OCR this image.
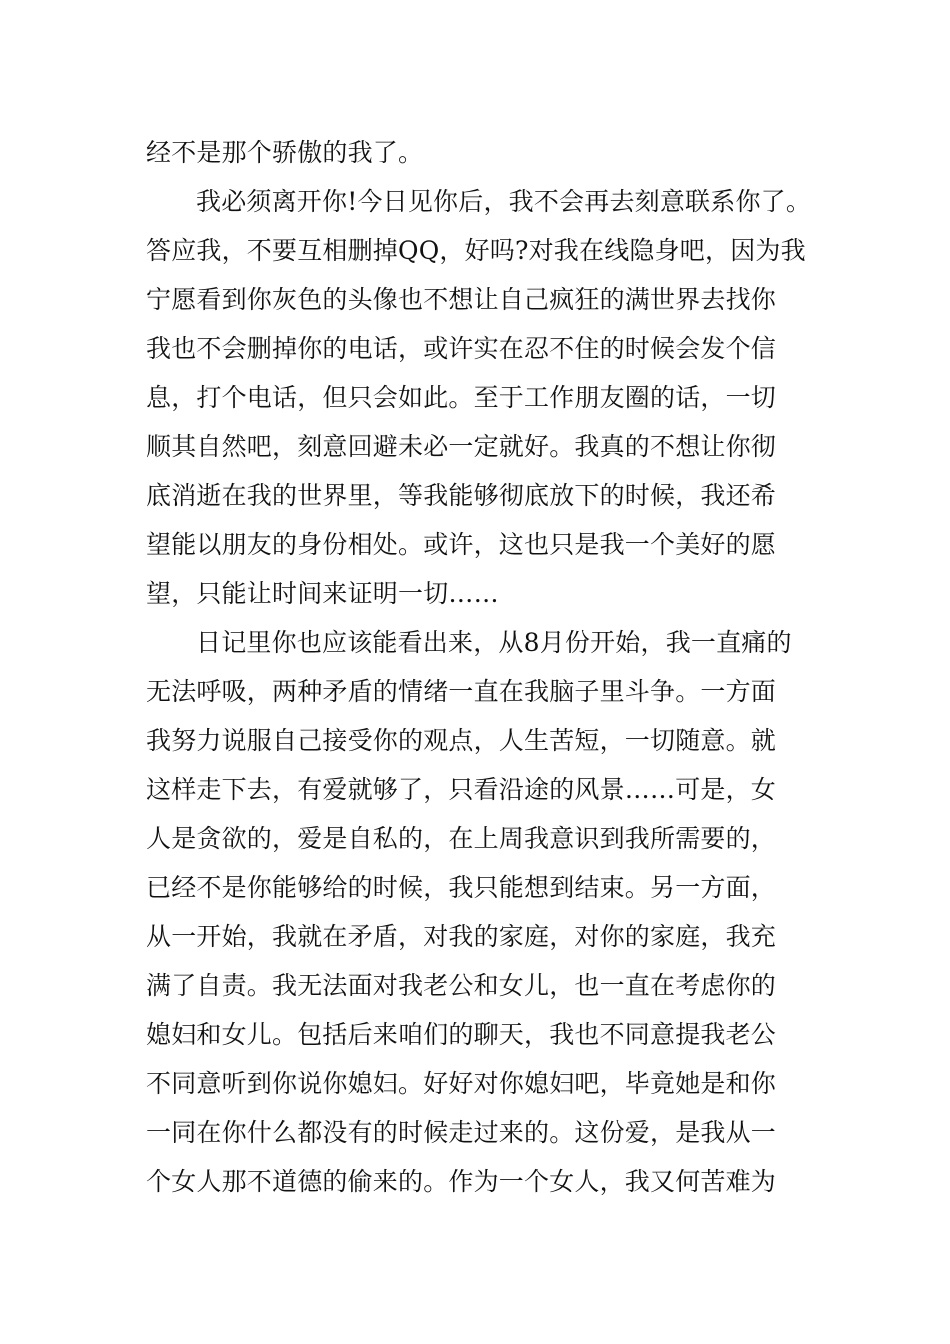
经不是那个骄傲的我了。
我必须离开你!今日见你后，我不会再去刻意联系你了。
答应我，不要互相删掉QQ，好吗?对我在线隐身吧，因为我
宁愿看到你灰色的头像也不想让自己疯狂的满世界去找你
我也不会删掉你的电话，或许实在忍不住的时候会发个信
息，打个电话，但只会如此。至于工作朋友圈的话，一切
顺其自然吧，刻意回避未必一定就好。我真的不想让你彻
底消逝在我的世界里，等我能够彻底放下的时候，我还希
望能以朋友的身份相处。或许，这也只是我一个美好的愿
望，只能让时间来证明一切……
日记里你也应该能看出来，从8月份开始，我一直痛的
无法呼吸，两种矛盾的情绪一直在我脑子里斗争。一方面
我努力说服自己接受你的观点，人生苦短，一切随意。就
这样走下去，有爱就够了，只看沿途的风景……可是，女
人是贪欲的，爱是自私的，在上周我意识到我所需要的，
已经不是你能够给的时候，我只能想到结束。另一方面，
从一开始，我就在矛盾，对我的家庭，对你的家庭，我充
满了自责。我无法面对我老公和女儿，也一直在考虑你的
媳妇和女儿。包括后来咱们的聊天，我也不同意提我老公
不同意听到你说你媳妇。好好对你媳妇吧，毕竟她是和你
一同在你什么都没有的时候走过来的。这份爱，是我从一
个女人那不道德的偷来的。作为一个女人，我又何苦难为
